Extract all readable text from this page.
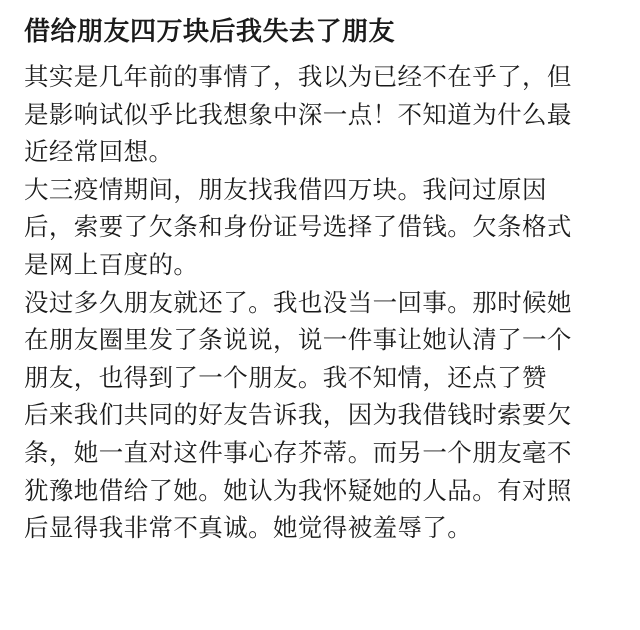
借给朋友四万块后我失去了朋友
其实是几年前的事情了，我以为已经不在乎了，但
是影响试似乎比我想象中深一点！不知道为什么最
近经常回想。
大三疫情期间，朋友找我借四万块。我问过原因
后，索要了欠条和身份证号选择了借钱。欠条格式
是网上百度的。
没过多久朋友就还了。我也没当一回事。那时候她
在朋友圈里发了条说说，说一件事让她认清了一个
朋友，也得到了一个朋友。我不知情，还点了赞
后来我们共同的好友告诉我，因为我借钱时索要欠
条，她一直对这件事心存芥蒂。而另一个朋友毫不
犹豫地借给了她。她认为我怀疑她的人品。有对照
后显得我非常不真诚。她觉得被羞辱了。
